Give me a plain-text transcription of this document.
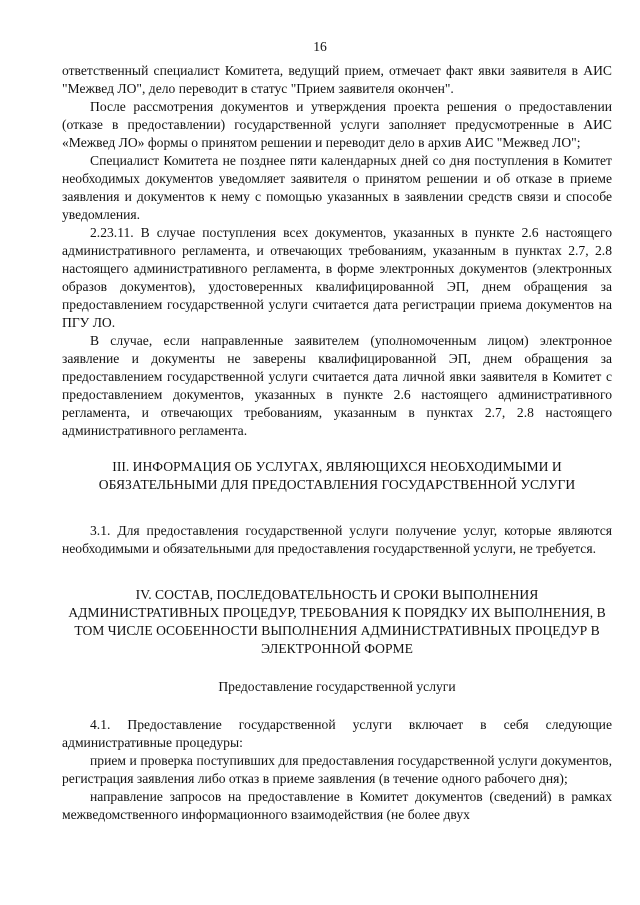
16

ответственный специалист Комитета, ведущий прием, отмечает факт явки заявителя в АИС "Межвед ЛО", дело переводит в статус "Прием заявителя окончен".

После рассмотрения документов и утверждения проекта решения о предоставлении (отказе в предоставлении) государственной услуги заполняет предусмотренные в АИС «Межвед ЛО» формы о принятом решении и переводит дело в архив АИС "Межвед ЛО";

Специалист Комитета не позднее пяти календарных дней со дня поступления в Комитет необходимых документов уведомляет заявителя о принятом решении и об отказе в приеме заявления и документов к нему с помощью указанных в заявлении средств связи и способе уведомления.

2.23.11. В случае поступления всех документов, указанных в пункте 2.6 настоящего административного регламента, и отвечающих требованиям, указанным в пунктах 2.7, 2.8 настоящего административного регламента, в форме электронных документов (электронных образов документов), удостоверенных квалифицированной ЭП, днем обращения за предоставлением государственной услуги считается дата регистрации приема документов на ПГУ ЛО.

В случае, если направленные заявителем (уполномоченным лицом) электронное заявление и документы не заверены квалифицированной ЭП, днем обращения за предоставлением государственной услуги считается дата личной явки заявителя в Комитет с предоставлением документов, указанных в пункте 2.6 настоящего административного регламента, и отвечающих требованиям, указанным в пунктах 2.7, 2.8 настоящего административного регламента.

III. ИНФОРМАЦИЯ ОБ УСЛУГАХ, ЯВЛЯЮЩИХСЯ НЕОБХОДИМЫМИ И ОБЯЗАТЕЛЬНЫМИ ДЛЯ ПРЕДОСТАВЛЕНИЯ ГОСУДАРСТВЕННОЙ УСЛУГИ

3.1. Для предоставления государственной услуги получение услуг, которые являются необходимыми и обязательными для предоставления государственной услуги, не требуется.

IV. СОСТАВ, ПОСЛЕДОВАТЕЛЬНОСТЬ И СРОКИ ВЫПОЛНЕНИЯ АДМИНИСТРАТИВНЫХ ПРОЦЕДУР, ТРЕБОВАНИЯ К ПОРЯДКУ ИХ ВЫПОЛНЕНИЯ, В ТОМ ЧИСЛЕ ОСОБЕННОСТИ ВЫПОЛНЕНИЯ АДМИНИСТРАТИВНЫХ ПРОЦЕДУР В ЭЛЕКТРОННОЙ ФОРМЕ

Предоставление государственной услуги

4.1. Предоставление государственной услуги включает в себя следующие административные процедуры:

прием и проверка поступивших для предоставления государственной услуги документов, регистрация заявления либо отказ в приеме заявления (в течение одного рабочего дня);

направление запросов на предоставление в Комитет документов (сведений) в рамках межведомственного информационного взаимодействия (не более двух
